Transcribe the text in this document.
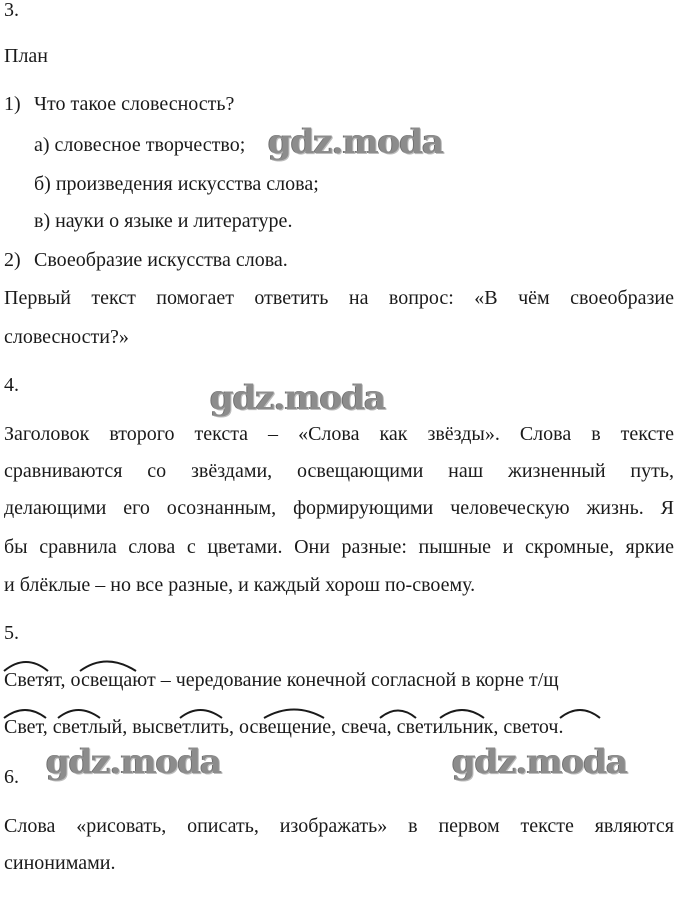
3.
План
1) Что такое словесность?
а) словесное творчество;
б) произведения искусства слова;
в) науки о языке и литературе.
2) Своеобразие искусства слова.
Первый текст помогает ответить на вопрос: «В чём своеобразие
словесности?»
4.
Заголовок второго текста – «Слова как звёзды». Слова в тексте
сравниваются со звёздами, освещающими наш жизненный путь,
делающими его осознанным, формирующими человеческую жизнь. Я
бы сравнила слова с цветами. Они разные: пышные и скромные, яркие
и блёклые – но все разные, и каждый хорош по-своему.
5.
Светят, освещают – чередование конечной согласной в корне т/щ
Свет, светлый, высветлить, освещение, свеча, светильник, светоч.
6.
Слова «рисовать, описать, изображать» в первом тексте являются
синонимами.
gdz.moda
gdz.moda
gdz.moda	gdz.moda
